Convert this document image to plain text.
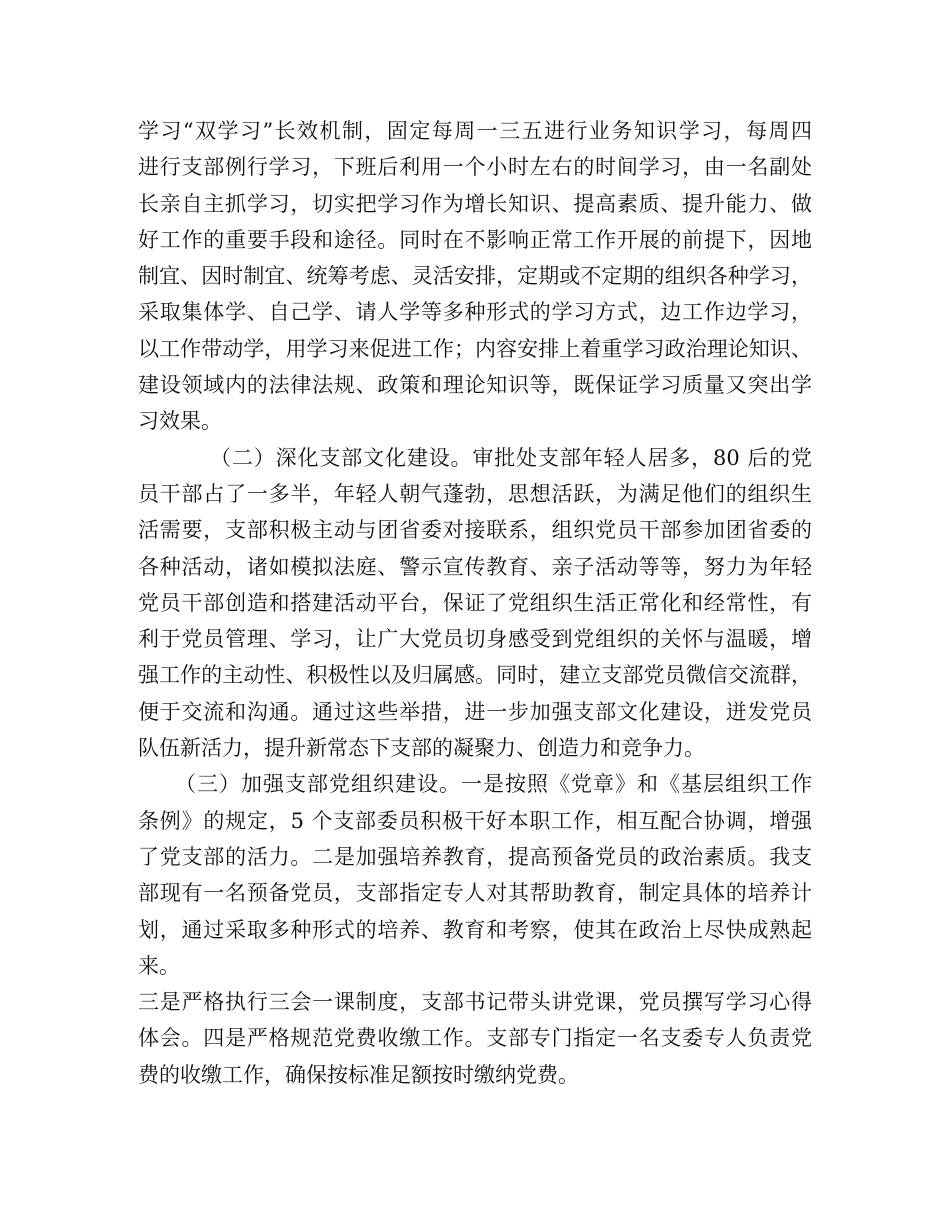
学习“双学习”长效机制，固定每周一三五进行业务知识学习，每周四
进行支部例行学习，下班后利用一个小时左右的时间学习，由一名副处
长亲自主抓学习，切实把学习作为增长知识、提高素质、提升能力、做
好工作的重要手段和途径。同时在不影响正常工作开展的前提下，因地
制宜、因时制宜、统筹考虑、灵活安排，定期或不定期的组织各种学习，
采取集体学、自己学、请人学等多种形式的学习方式，边工作边学习，
以工作带动学，用学习来促进工作；内容安排上着重学习政治理论知识、
建设领域内的法律法规、政策和理论知识等，既保证学习质量又突出学
习效果。
（二）深化支部文化建设。审批处支部年轻人居多，80 后的党
员干部占了一多半，年轻人朝气蓬勃，思想活跃，为满足他们的组织生
活需要，支部积极主动与团省委对接联系，组织党员干部参加团省委的
各种活动，诸如模拟法庭、警示宣传教育、亲子活动等等，努力为年轻
党员干部创造和搭建活动平台，保证了党组织生活正常化和经常性，有
利于党员管理、学习，让广大党员切身感受到党组织的关怀与温暖，增
强工作的主动性、积极性以及归属感。同时，建立支部党员微信交流群，
便于交流和沟通。通过这些举措，进一步加强支部文化建设，迸发党员
队伍新活力，提升新常态下支部的凝聚力、创造力和竞争力。
（三）加强支部党组织建设。一是按照《党章》和《基层组织工作
条例》的规定，5 个支部委员积极干好本职工作，相互配合协调，增强
了党支部的活力。二是加强培养教育，提高预备党员的政治素质。我支
部现有一名预备党员，支部指定专人对其帮助教育，制定具体的培养计
划，通过采取多种形式的培养、教育和考察，使其在政治上尽快成熟起
来。
三是严格执行三会一课制度，支部书记带头讲党课，党员撰写学习心得
体会。四是严格规范党费收缴工作。支部专门指定一名支委专人负责党
费的收缴工作，确保按标准足额按时缴纳党费。
